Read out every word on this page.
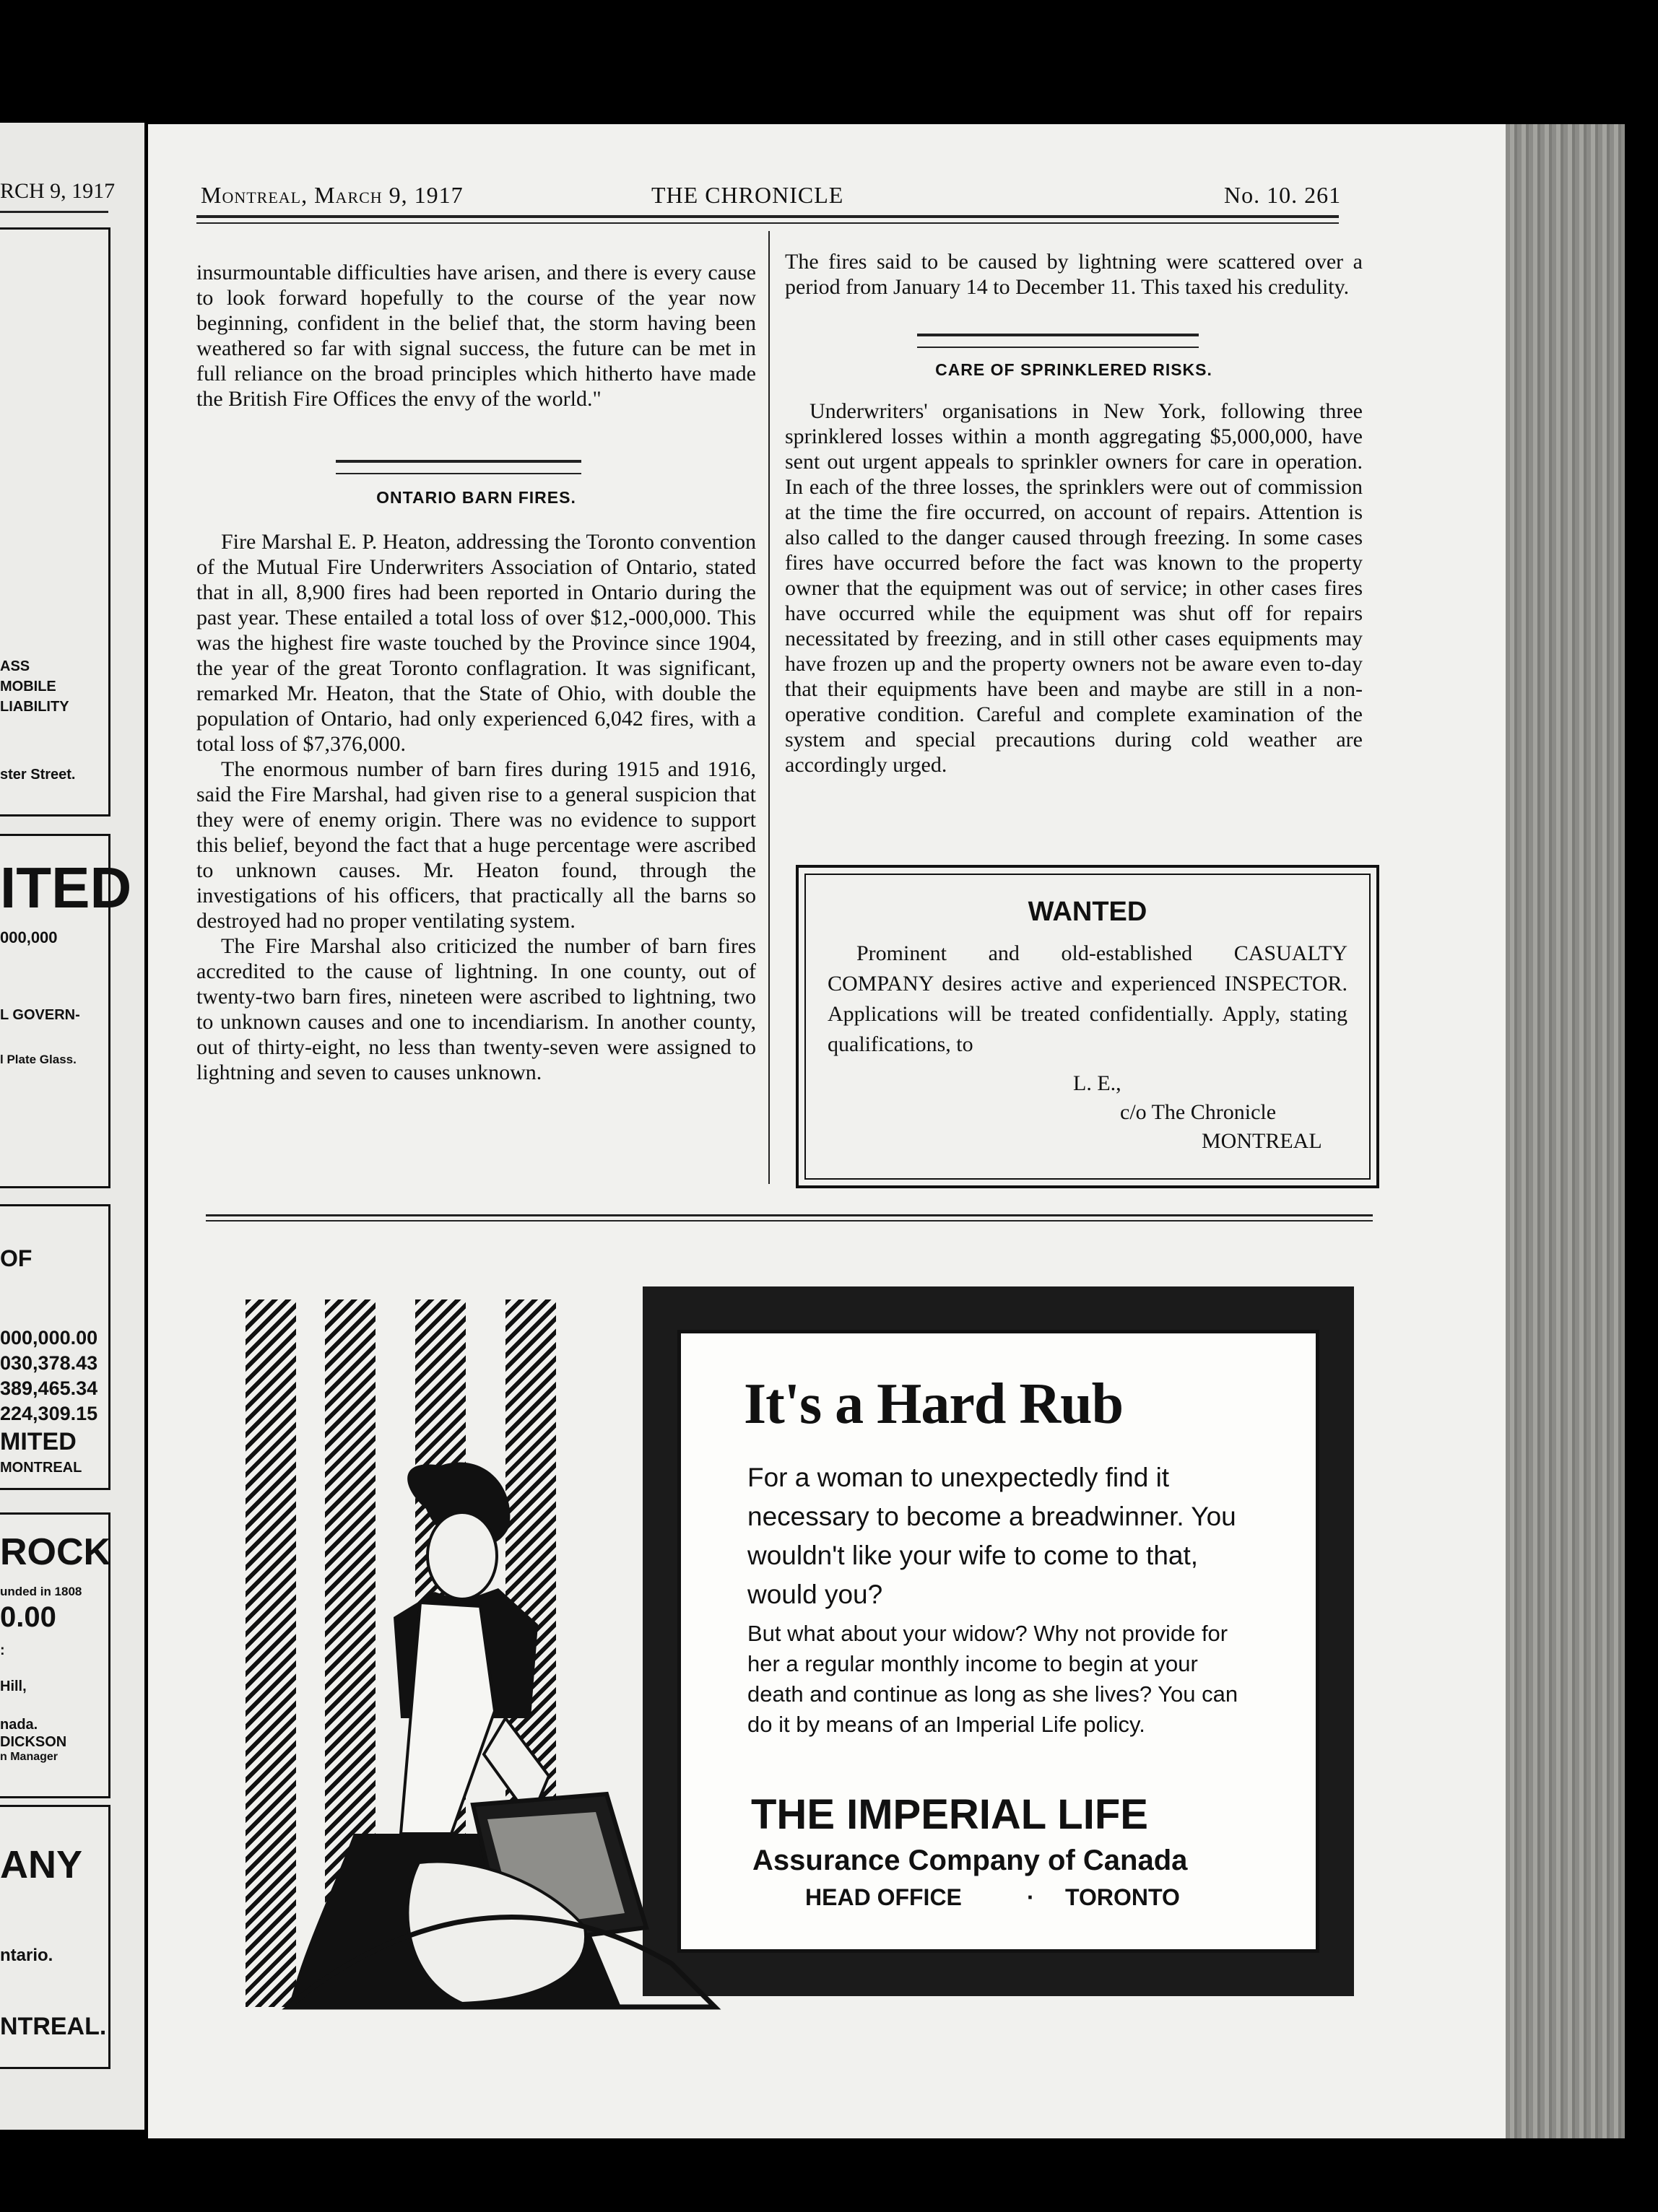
RCH 9, 1917
ASS
MOBILE
LIABILITY
ster Street.
ITED
000,000
L GOVERN-
l Plate Glass.
OF
000,000.00
030,378.43
389,465.34
224,309.15
MITED
MONTREAL
ROCK
unded in 1808
0.00
:
Hill,
nada.
DICKSON
n Manager
ANY
ntario.
NTREAL.
Montreal, March 9, 1917	THE CHRONICLE	No. 10. 261

insurmountable difficulties have arisen, and there is every cause to look forward hopefully to the course of the year now beginning, confident in the belief that, the storm having been weathered so far with signal success, the future can be met in full reliance on the broad principles which hitherto have made the British Fire Offices the envy of the world."

ONTARIO BARN FIRES.

Fire Marshal E. P. Heaton, addressing the Toronto convention of the Mutual Fire Underwriters Association of Ontario, stated that in all, 8,900 fires had been reported in Ontario during the past year. These entailed a total loss of over $12,-000,000. This was the highest fire waste touched by the Province since 1904, the year of the great Toronto conflagration. It was significant, remarked Mr. Heaton, that the State of Ohio, with double the population of Ontario, had only experienced 6,042 fires, with a total loss of $7,376,000.

The enormous number of barn fires during 1915 and 1916, said the Fire Marshal, had given rise to a general suspicion that they were of enemy origin. There was no evidence to support this belief, beyond the fact that a huge percentage were ascribed to unknown causes. Mr. Heaton found, through the investigations of his officers, that practically all the barns so destroyed had no proper ventilating system.

The Fire Marshal also criticized the number of barn fires accredited to the cause of lightning. In one county, out of twenty-two barn fires, nineteen were ascribed to lightning, two to unknown causes and one to incendiarism. In another county, out of thirty-eight, no less than twenty-seven were assigned to lightning and seven to causes unknown.

The fires said to be caused by lightning were scattered over a period from January 14 to December 11. This taxed his credulity.

CARE OF SPRINKLERED RISKS.

Underwriters' organisations in New York, following three sprinklered losses within a month aggregating $5,000,000, have sent out urgent appeals to sprinkler owners for care in operation. In each of the three losses, the sprinklers were out of commission at the time the fire occurred, on account of repairs. Attention is also called to the danger caused through freezing. In some cases fires have occurred before the fact was known to the property owner that the equipment was out of service; in other cases fires have occurred while the equipment was shut off for repairs necessitated by freezing, and in still other cases equipments may have frozen up and the property owners not be aware even to-day that their equipments have been and maybe are still in a non-operative condition. Careful and complete examination of the system and special precautions during cold weather are accordingly urged.

WANTED
Prominent and old-established CASUALTY COMPANY desires active and experienced INSPECTOR. Applications will be treated confidentially. Apply, stating qualifications, to
L. E.,
c/o The Chronicle
MONTREAL
It's a Hard Rub
For a woman to unexpectedly find it necessary to become a breadwinner. You wouldn't like your wife to come to that, would you?
But what about your widow? Why not provide for her a regular monthly income to begin at your death and continue as long as she lives? You can do it by means of an Imperial Life policy.
THE IMPERIAL LIFE
Assurance Company of Canada
HEAD OFFICE	· TORONTO
